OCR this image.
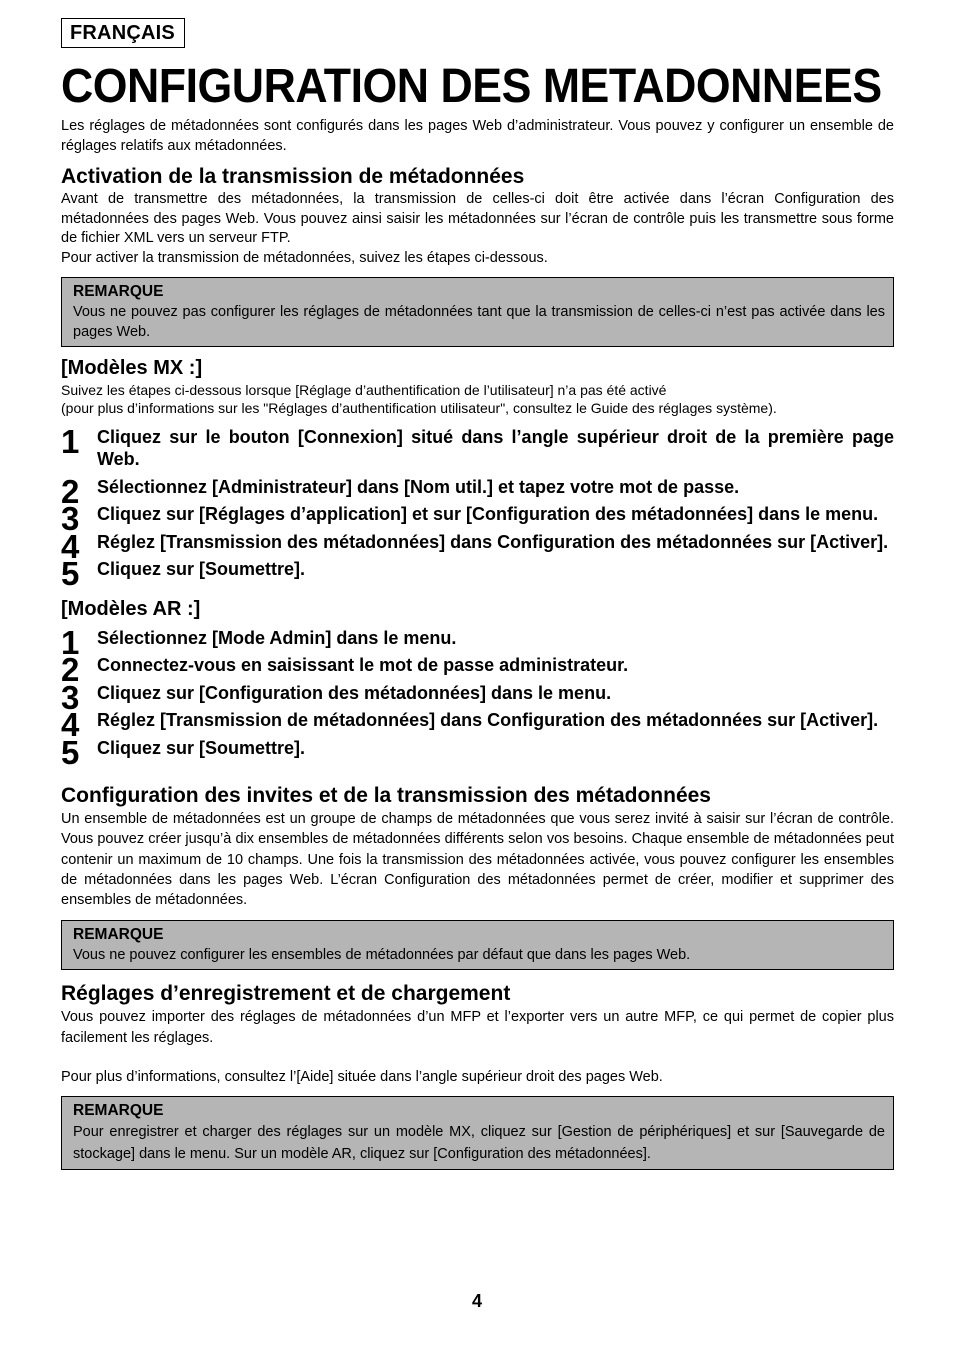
FRANÇAIS
CONFIGURATION DES METADONNEES

Les réglages de métadonnées sont configurés dans les pages Web d’administrateur. Vous pouvez y configurer un ensemble de réglages relatifs aux métadonnées.

Activation de la transmission de métadonnées

Avant de transmettre des métadonnées, la transmission de celles-ci doit être activée dans l’écran Configuration des métadonnées des pages Web. Vous pouvez ainsi saisir les métadonnées sur l’écran de contrôle puis les transmettre sous forme de fichier XML vers un serveur FTP.

Pour activer la transmission de métadonnées, suivez les étapes ci-dessous.

REMARQUE
Vous ne pouvez pas configurer les réglages de métadonnées tant que la transmission de celles-ci n’est pas activée dans les pages Web.
[Modèles MX :]

Suivez les étapes ci-dessous lorsque [Réglage d’authentification de l’utilisateur] n’a pas été activé

(pour plus d’informations sur les "Réglages d’authentification utilisateur", consultez le Guide des réglages système).

1 Cliquez sur le bouton [Connexion] situé dans l’angle supérieur droit de la première page Web.
2 Sélectionnez [Administrateur] dans [Nom util.] et tapez votre mot de passe.
3 Cliquez sur [Réglages d’application] et sur [Configuration des métadonnées] dans le menu.
4 Réglez [Transmission des métadonnées] dans Configuration des métadonnées sur [Activer].
5 Cliquez sur [Soumettre].
[Modèles AR :]
1 Sélectionnez [Mode Admin] dans le menu.
2 Connectez-vous en saisissant le mot de passe administrateur.
3 Cliquez sur [Configuration des métadonnées] dans le menu.
4 Réglez [Transmission de métadonnées] dans Configuration des métadonnées sur [Activer].
5 Cliquez sur [Soumettre].
Configuration des invites et de la transmission des métadonnées

Un ensemble de métadonnées est un groupe de champs de métadonnées que vous serez invité à saisir sur l’écran de contrôle. Vous pouvez créer jusqu’à dix ensembles de métadonnées différents selon vos besoins. Chaque ensemble de métadonnées peut contenir un maximum de 10 champs. Une fois la transmission des métadonnées activée, vous pouvez configurer les ensembles de métadonnées dans les pages Web. L’écran Configuration des métadonnées permet de créer, modifier et supprimer des ensembles de métadonnées.

REMARQUE
Vous ne pouvez configurer les ensembles de métadonnées par défaut que dans les pages Web.
Réglages d’enregistrement et de chargement

Vous pouvez importer des réglages de métadonnées d’un MFP et l’exporter vers un autre MFP, ce qui permet de copier plus facilement les réglages.

Pour plus d’informations, consultez l’[Aide] située dans l’angle supérieur droit des pages Web.

REMARQUE
Pour enregistrer et charger des réglages sur un modèle MX, cliquez sur [Gestion de périphériques] et sur [Sauvegarde de stockage] dans le menu. Sur un modèle AR, cliquez sur [Configuration des métadonnées].
4
